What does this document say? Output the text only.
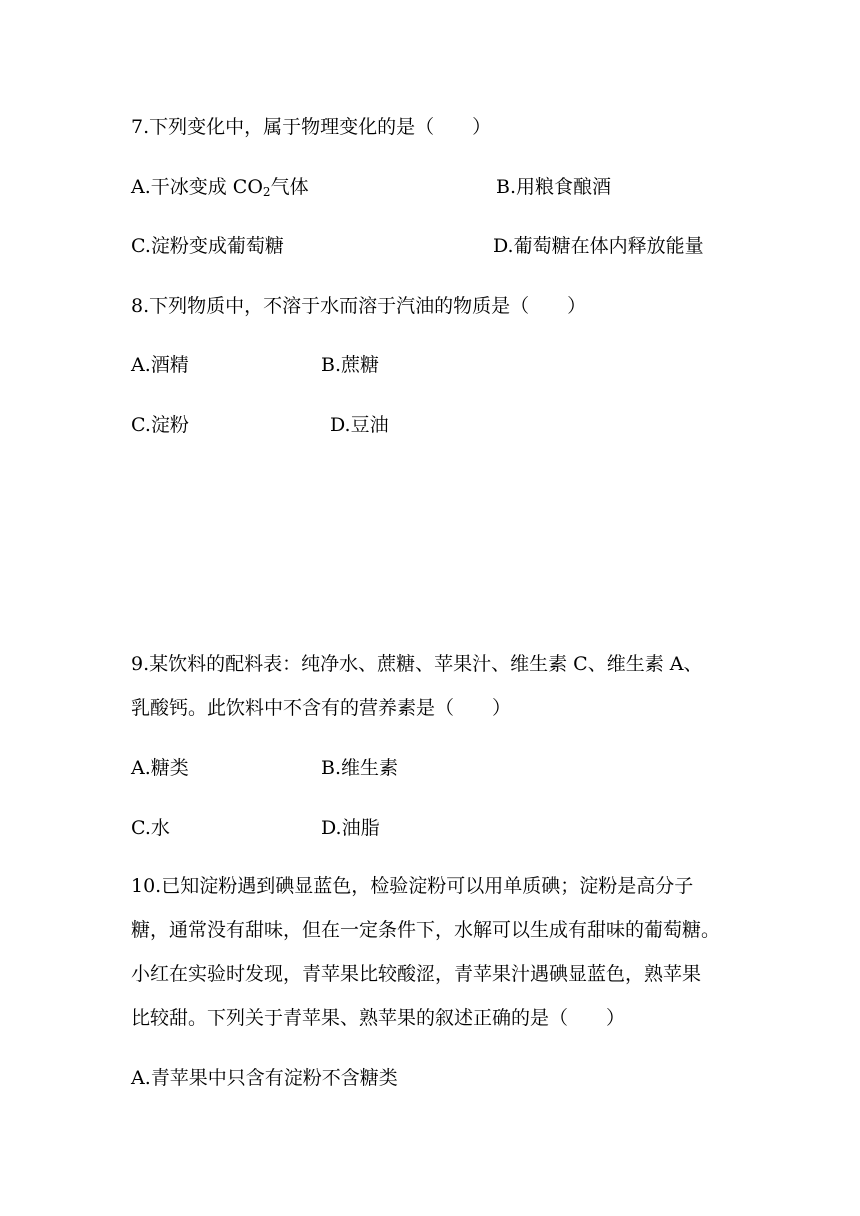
7.下列变化中，属于物理变化的是（　　）
A.干冰变成 $CO_2$气体	B.用粮食酿酒
C.淀粉变成葡萄糖	D.葡萄糖在体内释放能量
8.下列物质中，不溶于水而溶于汽油的物质是（　　）
A.酒精	B.蔗糖
C.淀粉	D.豆油
9.某饮料的配料表：纯净水、蔗糖、苹果汁、维生素 C、维生素 A、
乳酸钙。此饮料中不含有的营养素是（　　）
A.糖类	B.维生素
C.水	D.油脂
10.已知淀粉遇到碘显蓝色，检验淀粉可以用单质碘；淀粉是高分子
糖，通常没有甜味，但在一定条件下，水解可以生成有甜味的葡萄糖。
小红在实验时发现，青苹果比较酸涩，青苹果汁遇碘显蓝色，熟苹果
比较甜。下列关于青苹果、熟苹果的叙述正确的是（　　）
A.青苹果中只含有淀粉不含糖类
